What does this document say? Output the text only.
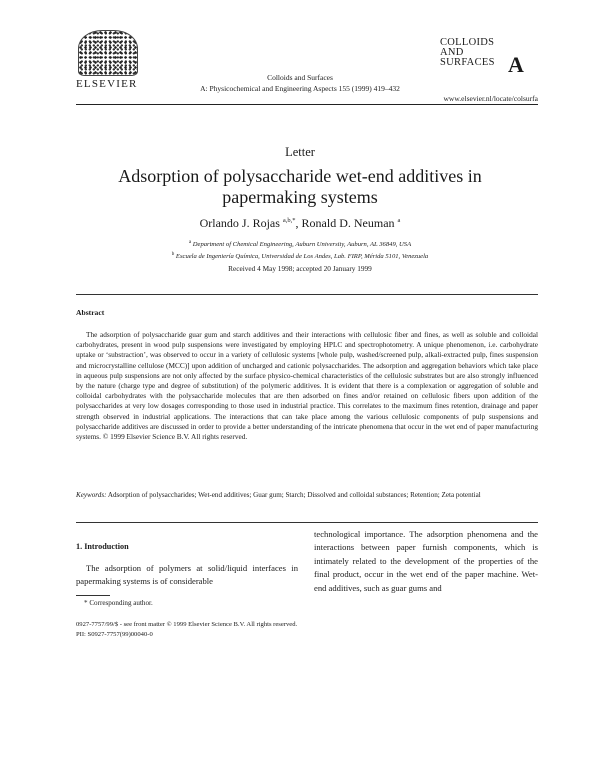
ELSEVIER
Colloids and Surfaces
A: Physicochemical and Engineering Aspects 155 (1999) 419–432
COLLOIDS
AND
SURFACES A
www.elsevier.nl/locate/colsurfa
Letter
Adsorption of polysaccharide wet-end additives in papermaking systems
Orlando J. Rojas $^{a,b,*}$, Ronald D. Neuman $^a$
$^a$ Department of Chemical Engineering, Auburn University, Auburn, AL 36849, USA
$^b$ Escuela de Ingeniería Química, Universidad de Los Andes, Lab. FIRP, Mérida 5101, Venezuela
Received 4 May 1998; accepted 20 January 1999
Abstract

The adsorption of polysaccharide guar gum and starch additives and their interactions with cellulosic fiber and fines, as well as soluble and colloidal carbohydrates, present in wood pulp suspensions were investigated by employing HPLC and spectrophotometry. A unique phenomenon, i.e. carbohydrate uptake or ‘substraction’, was observed to occur in a variety of cellulosic systems [whole pulp, washed/screened pulp, alkali-extracted pulp, fines suspension and microcrystalline cellulose (MCC)] upon addition of uncharged and cationic polysaccharides. The adsorption and aggregation behaviors which take place in aqueous pulp suspensions are not only affected by the surface physico-chemical characteristics of the cellulosic substrates but are also strongly influenced by the nature (charge type and degree of substitution) of the polymeric additives. It is evident that there is a complexation or aggregation of soluble and colloidal carbohydrates with the polysaccharide molecules that are then adsorbed on fines and/or retained on cellulosic fibers upon addition of the polysaccharides at very low dosages corresponding to those used in industrial practice. This correlates to the maximum fines retention, drainage and paper strength observed in industrial applications. The interactions that can take place among the various cellulosic components of pulp suspensions and polysaccharide additives are discussed in order to provide a better understanding of the intricate phenomena that occur in the wet end of paper manufacturing systems. © 1999 Elsevier Science B.V. All rights reserved.

Keywords: Adsorption of polysaccharides; Wet-end additives; Guar gum; Starch; Dissolved and colloidal substances; Retention; Zeta potential

1. Introduction

The adsorption of polymers at solid/liquid interfaces in papermaking systems is of considerable

technological importance. The adsorption phenomena and the interactions between paper furnish components, which is intimately related to the development of the properties of the final product, occur in the wet end of the paper machine. Wet-end additives, such as guar gums and

* Corresponding author.
0927-7757/99/$ - see front matter © 1999 Elsevier Science B.V. All rights reserved.
PII: S0927-7757(99)00040-0
